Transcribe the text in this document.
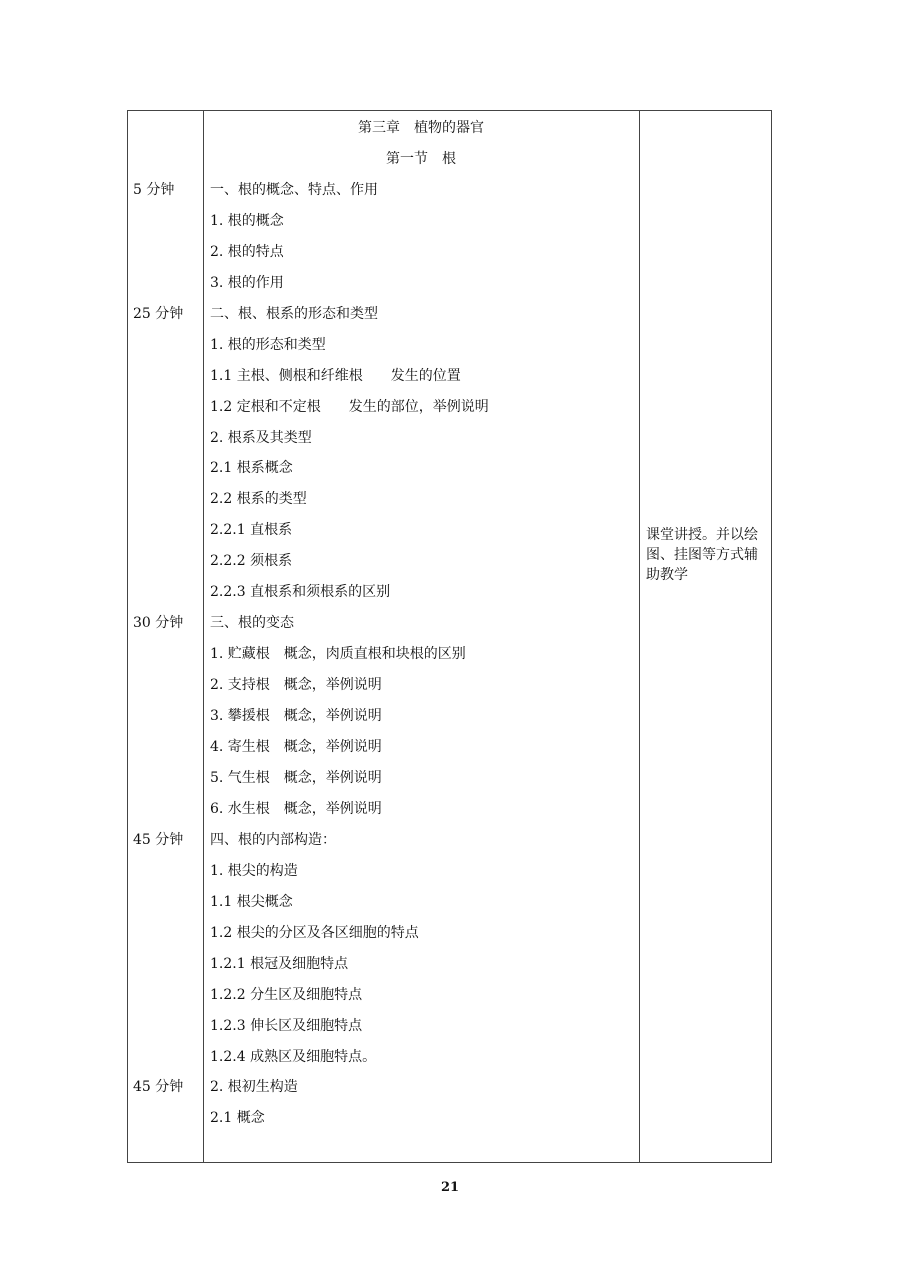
第三章　植物的器官
第一节　根
5 分钟	一、根的概念、特点、作用
1. 根的概念
2. 根的特点
3. 根的作用
25 分钟 二、根、根系的形态和类型
1. 根的形态和类型
1.1 主根、侧根和纤维根　　发生的位置
1.2 定根和不定根　　发生的部位，举例说明
2. 根系及其类型
2.1 根系概念
2.2 根系的类型
2.2.1 直根系
2.2.2 须根系
2.2.3 直根系和须根系的区别
30 分钟 三、根的变态
1. 贮藏根　概念，肉质直根和块根的区别
2. 支持根　概念，举例说明
3. 攀援根　概念，举例说明
4. 寄生根　概念，举例说明
5. 气生根　概念，举例说明
6. 水生根　概念，举例说明
45 分钟 四、根的内部构造：
1. 根尖的构造
1.1 根尖概念
1.2 根尖的分区及各区细胞的特点
1.2.1 根冠及细胞特点
1.2.2 分生区及细胞特点
1.2.3 伸长区及细胞特点
1.2.4 成熟区及细胞特点。
45 分钟 2. 根初生构造
2.1 概念
课堂讲授。并以绘图、挂图等方式辅助教学
21
